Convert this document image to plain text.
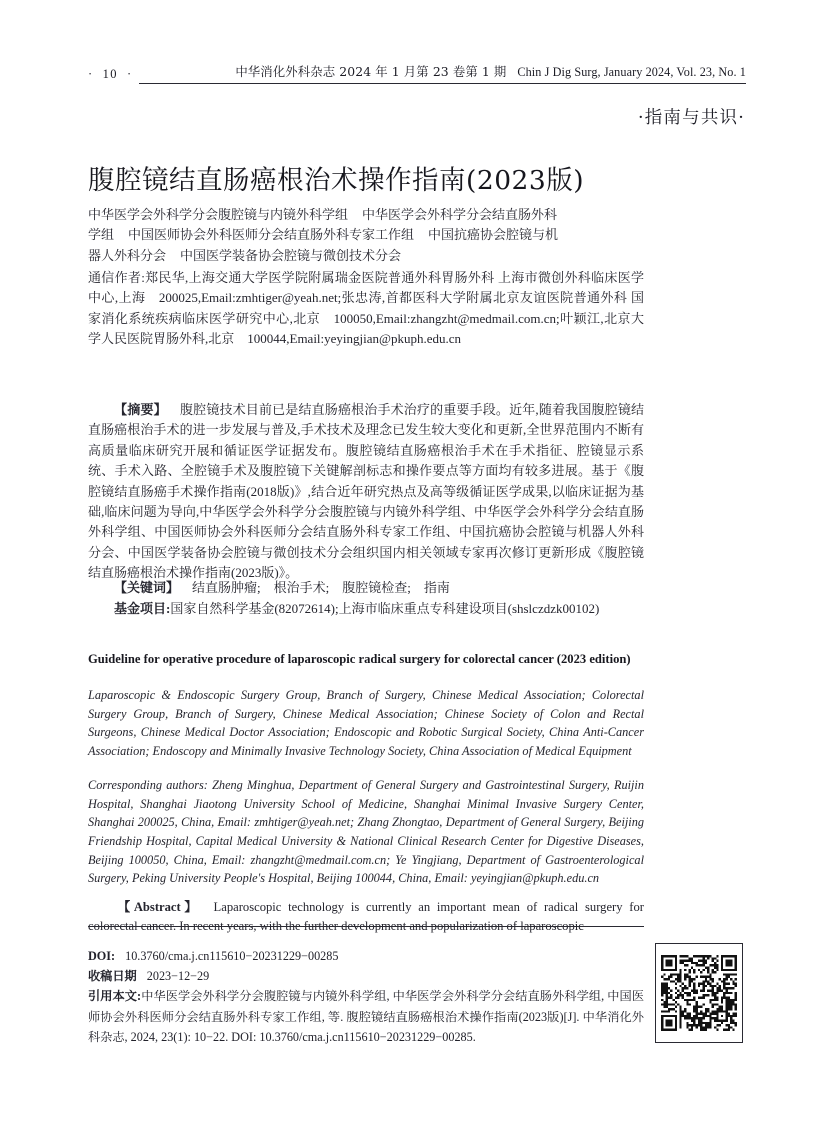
·  10  ·	中华消化外科杂志 2024 年 1 月第 23 卷第 1 期 Chin J Dig Surg, January 2024, Vol. 23, No. 1
·指南与共识·
腹腔镜结直肠癌根治术操作指南(2023版)

中华医学会外科学分会腹腔镜与内镜外科学组 中华医学会外科学分会结直肠外科

学组 中国医师协会外科医师分会结直肠外科专家工作组 中国抗癌协会腔镜与机

器人外科分会 中国医学装备协会腔镜与微创技术分会

通信作者:郑民华,上海交通大学医学院附属瑞金医院普通外科胃肠外科 上海市微创外科临床医学中心,上海　200025,Email:zmhtiger@yeah.net;张忠涛,首都医科大学附属北京友谊医院普通外科 国家消化系统疾病临床医学研究中心,北京　100050,Email:zhangzht@medmail.com.cn;叶颖江,北京大学人民医院胃肠外科,北京　100044,Email:yeyingjian@pkuph.edu.cn

【摘要】 腹腔镜技术目前已是结直肠癌根治手术治疗的重要手段。近年,随着我国腹腔镜结直肠癌根治手术的进一步发展与普及,手术技术及理念已发生较大变化和更新,全世界范围内不断有高质量临床研究开展和循证医学证据发布。腹腔镜结直肠癌根治手术在手术指征、腔镜显示系统、手术入路、全腔镜手术及腹腔镜下关键解剖标志和操作要点等方面均有较多进展。基于《腹腔镜结直肠癌手术操作指南(2018版)》,结合近年研究热点及高等级循证医学成果,以临床证据为基础,临床问题为导向,中华医学会外科学分会腹腔镜与内镜外科学组、中华医学会外科学分会结直肠外科学组、中国医师协会外科医师分会结直肠外科专家工作组、中国抗癌协会腔镜与机器人外科分会、中国医学装备协会腔镜与微创技术分会组织国内相关领域专家再次修订更新形成《腹腔镜结直肠癌根治术操作指南(2023版)》。

【关键词】 结直肠肿瘤;　根治手术;　腹腔镜检查;　指南

基金项目:国家自然科学基金(82072614);上海市临床重点专科建设项目(shslczdzk00102)

Guideline for operative procedure of laparoscopic radical surgery for colorectal cancer (2023 edition)

Laparoscopic & Endoscopic Surgery Group, Branch of Surgery, Chinese Medical Association; Colorectal Surgery Group, Branch of Surgery, Chinese Medical Association; Chinese Society of Colon and Rectal Surgeons, Chinese Medical Doctor Association; Endoscopic and Robotic Surgical Society, China Anti-Cancer Association; Endoscopy and Minimally Invasive Technology Society, China Association of Medical Equipment

Corresponding authors: Zheng Minghua, Department of General Surgery and Gastrointestinal Surgery, Ruijin Hospital, Shanghai Jiaotong University School of Medicine, Shanghai Minimal Invasive Surgery Center, Shanghai 200025, China, Email: zmhtiger@yeah.net; Zhang Zhongtao, Department of General Surgery, Beijing Friendship Hospital, Capital Medical University & National Clinical Research Center for Digestive Diseases, Beijing 100050, China, Email: zhangzht@medmail.com.cn; Ye Yingjiang, Department of Gastroenterological Surgery, Peking University People's Hospital, Beijing 100044, China, Email: yeyingjian@pkuph.edu.cn

【Abstract】 Laparoscopic technology is currently an important mean of radical surgery for colorectal cancer. In recent years, with the further development and popularization of laparoscopic

DOI: 10.3760/cma.j.cn115610−20231229−00285

收稿日期 2023−12−29

引用本文:中华医学会外科学分会腹腔镜与内镜外科学组, 中华医学会外科学分会结直肠外科学组, 中国医师协会外科医师分会结直肠外科专家工作组, 等. 腹腔镜结直肠癌根治术操作指南(2023版)[J]. 中华消化外科杂志, 2024, 23(1): 10−22. DOI: 10.3760/cma.j.cn115610−20231229−00285.
